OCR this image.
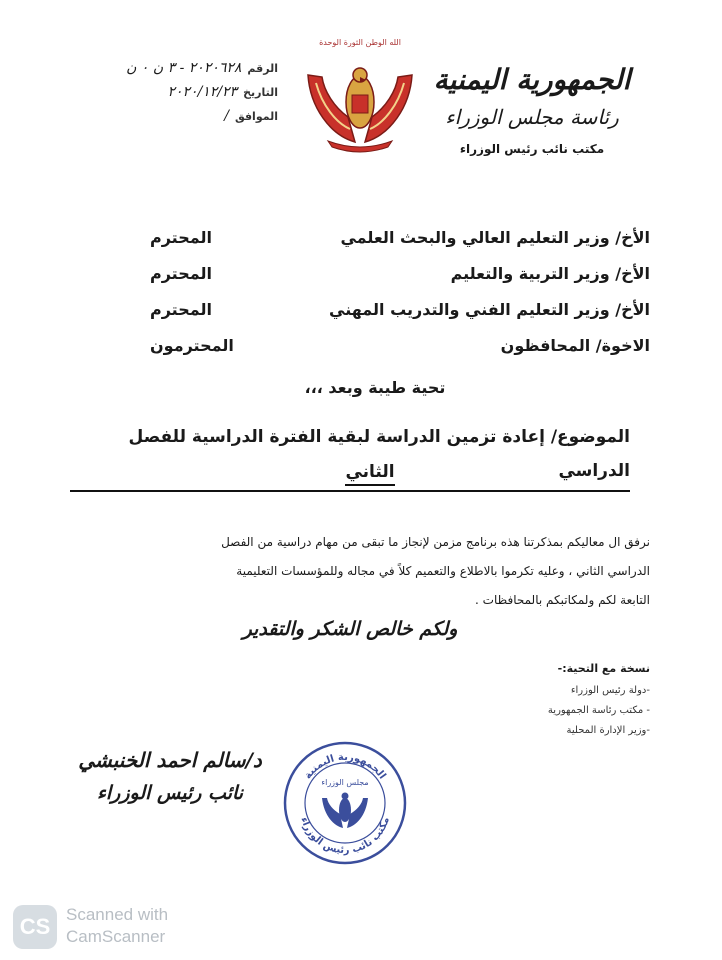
الجمهورية اليمنية
رئاسة مجلس الوزراء
مكتب نائب رئيس الوزراء
الله الوطن الثورة الوحدة
٢٠٢٠٦٢٨ - ٣ ن ٠ ن الرقم
٢٠٢٠/١٢/٢٣ التاريخ
/ الموافق
المحترم	الأخ/ وزير التعليم العالي والبحث العلمي
المحترم	الأخ/ وزير التربية والتعليم
المحترم	الأخ/ وزير التعليم الفني والتدريب المهني
المحترمون	الاخوة/ المحافظون
تحية طيبة وبعد ،،،
الموضوع/ إعادة تزمين الدراسة لبقية الفترة الدراسية للفصل الدراسي
الثاني
نرفق ال معاليكم بمذكرتنا هذه برنامج مزمن لإنجاز ما تبقى من مهام دراسية من الفصل
الدراسي الثاني ، وعليه تكرموا بالاطلاع والتعميم كلاً في مجاله وللمؤسسات التعليمية
التابعة لكم ولمكاتبكم بالمحافظات .
ولكم خالص الشكر والتقدير
نسخة مع التحية:-
-دولة رئيس الوزراء
- مكتب رئاسة الجمهورية
-وزير الإدارة المحلية
د/سالم احمد الخنبشي
نائب رئيس الوزراء
الجمهورية اليمنية
مكتب نائب رئيس الوزراء
مجلس الوزراء
CS Scanned with
CamScanner
